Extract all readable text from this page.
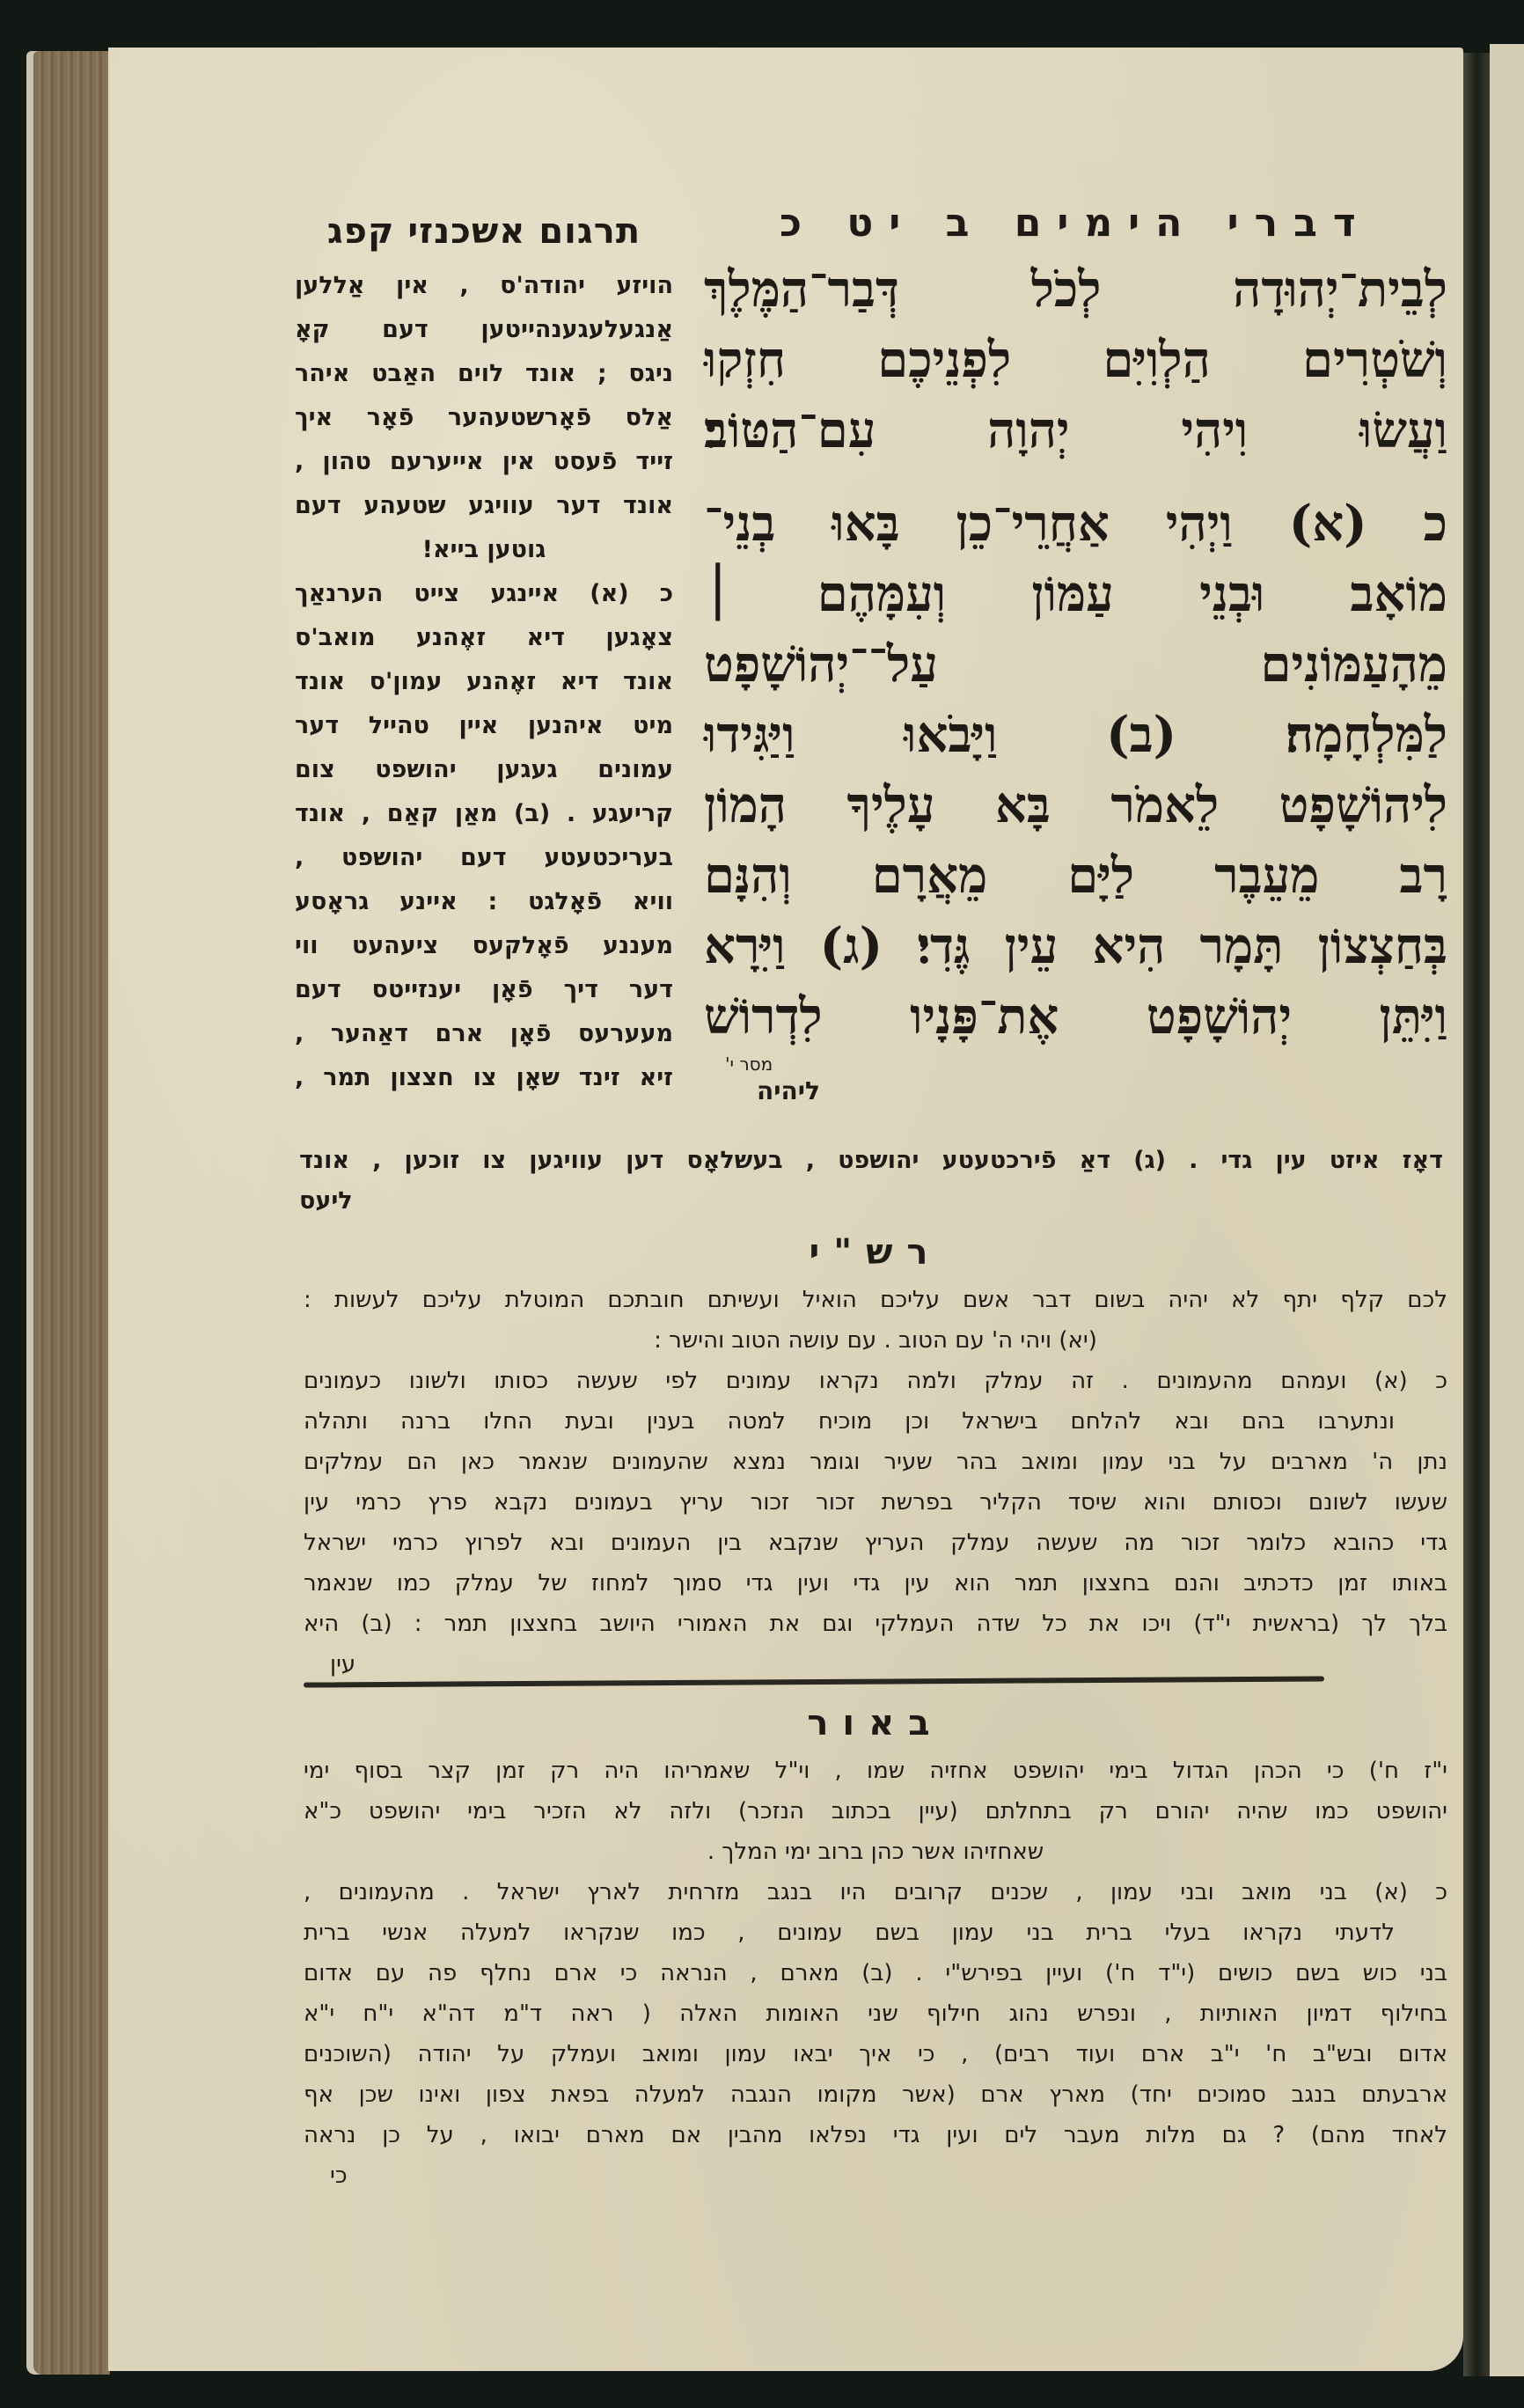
דברי הימים ב יט כ
לְבֵית־יְהוּדָה לְכֹל דְּבַר־הַמֶּלֶךְ
וְשֹׁטְרִים הַלְוִיִּם לִפְנֵיכֶם חִזְקוּ
וַעֲשׂוּ וִיהִי יְהוָה עִם־הַטּוֹב׃
כ (א) וַיְהִי אַחֲרֵי־כֵן בָּאוּ בְנֵי־
מוֹאָב וּבְנֵי עַמּוֹן וְעִמָּהֶם ׀
מֵהָעַמּוֹנִים עַל־־יְהוֹשָׁפָט
לַמִּלְחָמָה׃ (ב) וַיָּבֹאוּ וַיַּגִּידוּ
לִיהוֹשָׁפָט לֵאמֹר בָּא עָלֶיךָ הָמוֹן
רָב מֵעֵבֶר לַיָּם מֵאֲרָם וְהִנָּם
בְּחַצְצוֹן תָּמָר הִיא עֵין גֶּדִי׃ (ג) וַיִּרָא
וַיִּתֵּן יְהוֹשָׁפָט אֶת־פָּנָיו לִדְרוֹשׁ
מסר י'
ליהיה
תרגום אשכנזי קפג
הויזע יהודה'ס , אין אַללען
אַנגעלעגענהייטען דעם קאָ
ניגס ; אונד לוים האַבט איהר
אַלס פֿאָרשטעהער פֿאָר איך
זייד פֿעסט אין אייערעם טהון ,
אונד דער עוויגע שטעהע דעם
גוטען בייא!
כ (א) איינגע צייט הערנאַך
צאָגען דיא זאֶהנע מואב'ס
אונד דיא זאֶהנע עמון'ס אונד
מיט איהנען איין טהייל דער
עמונים געגען יהושפט צום
קריעגע . (ב) מאַן קאַם , אונד
בעריכטעטע דעם יהושפט ,
וויא פֿאָלגט : איינע גראָסע
מעננע פֿאָלקעס ציעהעט ווי
דער דיך פֿאָן יענזייטס דעם
מעערעס פֿאָן ארם דאַהער ,
זיא זינד שאָן צו חצצון תמר ,
דאָז איזט עין גדי . (ג) דאַ פֿירכטעטע יהושפט , בעשלאָס דען עוויגען צו זוכען , אונד
ליעס
רש"י
לכם קלף יתף לא יהיה בשום דבר אשם עליכם הואיל ועשיתם חובתכם המוטלת עליכם לעשות :
(יא) ויהי ה' עם הטוב . עם עושה הטוב והישר :
כ (א) ועמהם מהעמונים . זה עמלק ולמה נקראו עמונים לפי שעשה כסותו ולשונו כעמונים
ונתערבו בהם ובא להלחם בישראל וכן מוכיח למטה בענין ובעת החלו ברנה ותהלה
נתן ה' מארבים על בני עמון ומואב בהר שעיר וגומר נמצא שהעמונים שנאמר כאן הם עמלקים
שעשו לשונם וכסותם והוא שיסד הקליר בפרשת זכור זכור עריץ בעמונים נקבא פרץ כרמי עין
גדי כהובא כלומר זכור מה שעשה עמלק העריץ שנקבא בין העמונים ובא לפרוץ כרמי ישראל
באותו זמן כדכתיב והנם בחצצון תמר הוא עין גדי ועין גדי סמוך למחוז של עמלק כמו שנאמר
בלך לך (בראשית י"ד) ויכו את כל שדה העמלקי וגם את האמורי היושב בחצצון תמר : (ב) היא
עין
באור
י"ז ח') כי הכהן הגדול בימי יהושפט אחזיה שמו , וי"ל שאמריהו היה רק זמן קצר בסוף ימי
יהושפט כמו שהיה יהורם רק בתחלתם (עיין בכתוב הנזכר) ולזה לא הזכיר בימי יהושפט כ"א
שאחזיהו אשר כהן ברוב ימי המלך .
כ (א) בני מואב ובני עמון , שכנים קרובים היו בנגב מזרחית לארץ ישראל . מהעמונים ,
לדעתי נקראו בעלי ברית בני עמון בשם עמונים , כמו שנקראו למעלה אנשי ברית
בני כוש בשם כושים (י"ד ח') ועיין בפירש"י . (ב) מארם , הנראה כי ארם נחלף פה עם אדום
בחילוף דמיון האותיות , ונפרש נהוג חילוף שני האומות האלה ( ראה ד"מ דה"א י"ח י"א
אדום ובש"ב ח' י"ב ארם ועוד רבים) , כי איך יבאו עמון ומואב ועמלק על יהודה (השוכנים
ארבעתם בנגב סמוכים יחד) מארץ ארם (אשר מקומו הנגבה למעלה בפאת צפון ואינו שכן אף
לאחד מהם) ? גם מלות מעבר לים ועין גדי נפלאו מהבין אם מארם יבואו , על כן נראה
כי
